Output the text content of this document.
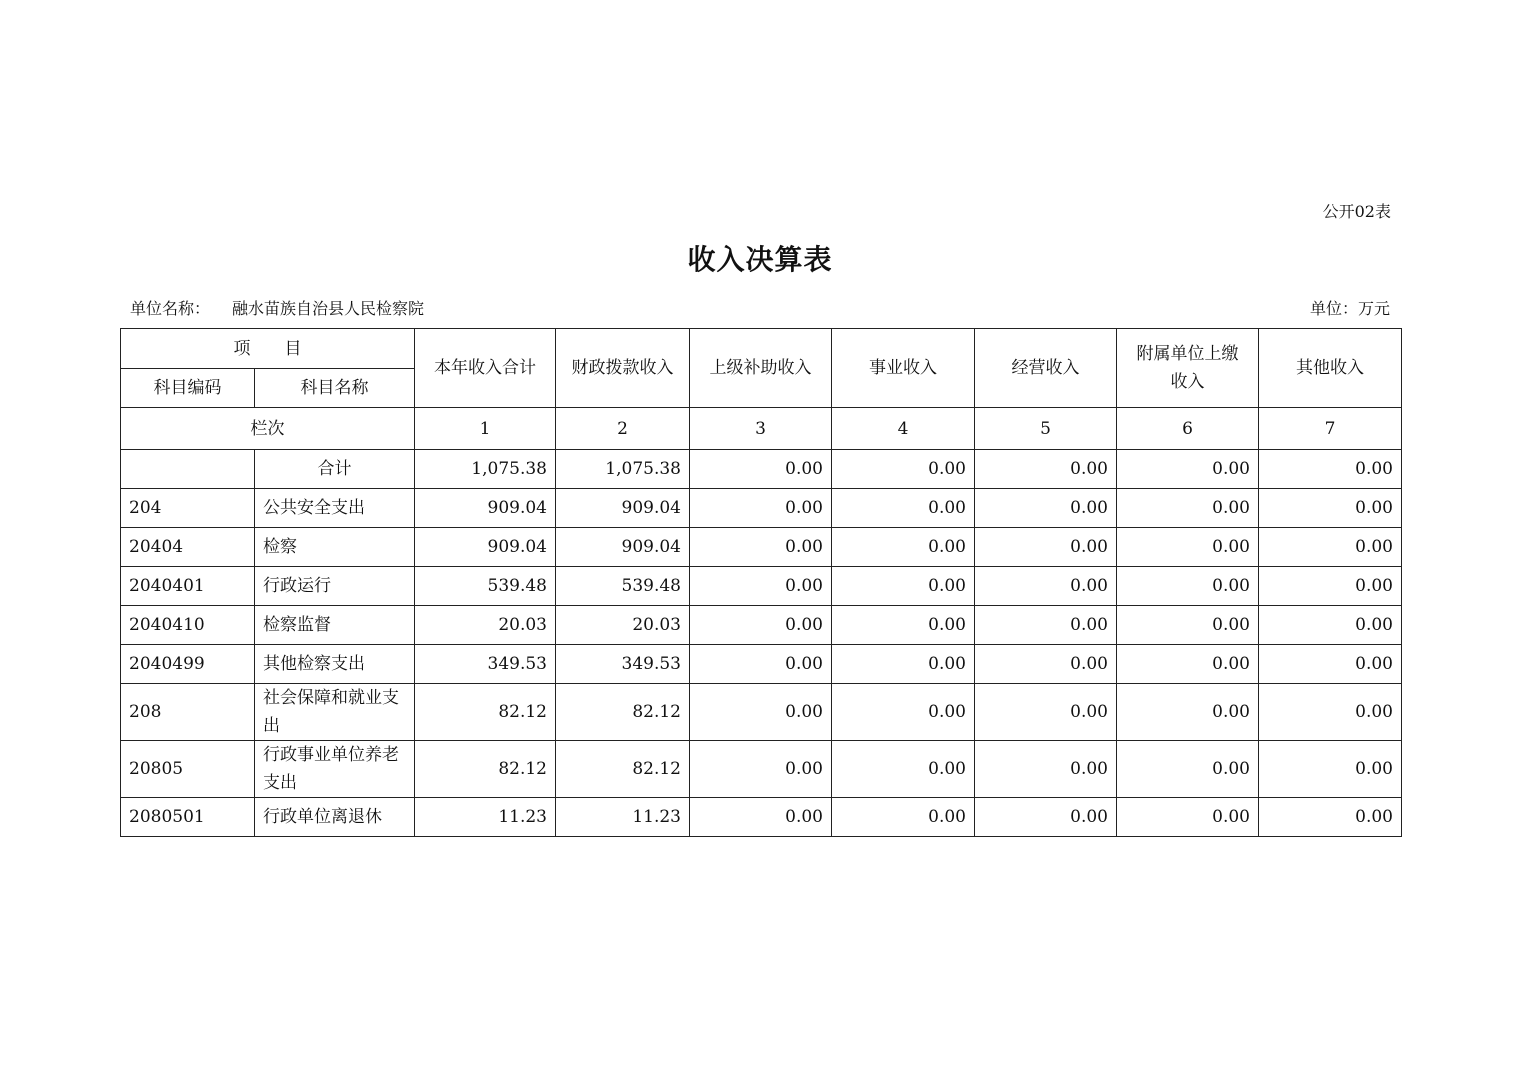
公开02表
收入决算表
单位名称： 融水苗族自治县人民检察院	单位：万元
项　　目		本年收入合计	财政拨款收入	上级补助收入	事业收入	经营收入	附属单位上缴收入	其他收入
科目编码	科目名称							
栏次		1	2	3	4	5	6	7
	合计	1,075.38	1,075.38	0.00	0.00	0.00	0.00	0.00
204	公共安全支出	909.04	909.04	0.00	0.00	0.00	0.00	0.00
20404	检察	909.04	909.04	0.00	0.00	0.00	0.00	0.00
2040401	行政运行	539.48	539.48	0.00	0.00	0.00	0.00	0.00
2040410	检察监督	20.03	20.03	0.00	0.00	0.00	0.00	0.00
2040499	其他检察支出	349.53	349.53	0.00	0.00	0.00	0.00	0.00
208	社会保障和就业支出	82.12	82.12	0.00	0.00	0.00	0.00	0.00
20805	行政事业单位养老支出	82.12	82.12	0.00	0.00	0.00	0.00	0.00
2080501	行政单位离退休	11.23	11.23	0.00	0.00	0.00	0.00	0.00
